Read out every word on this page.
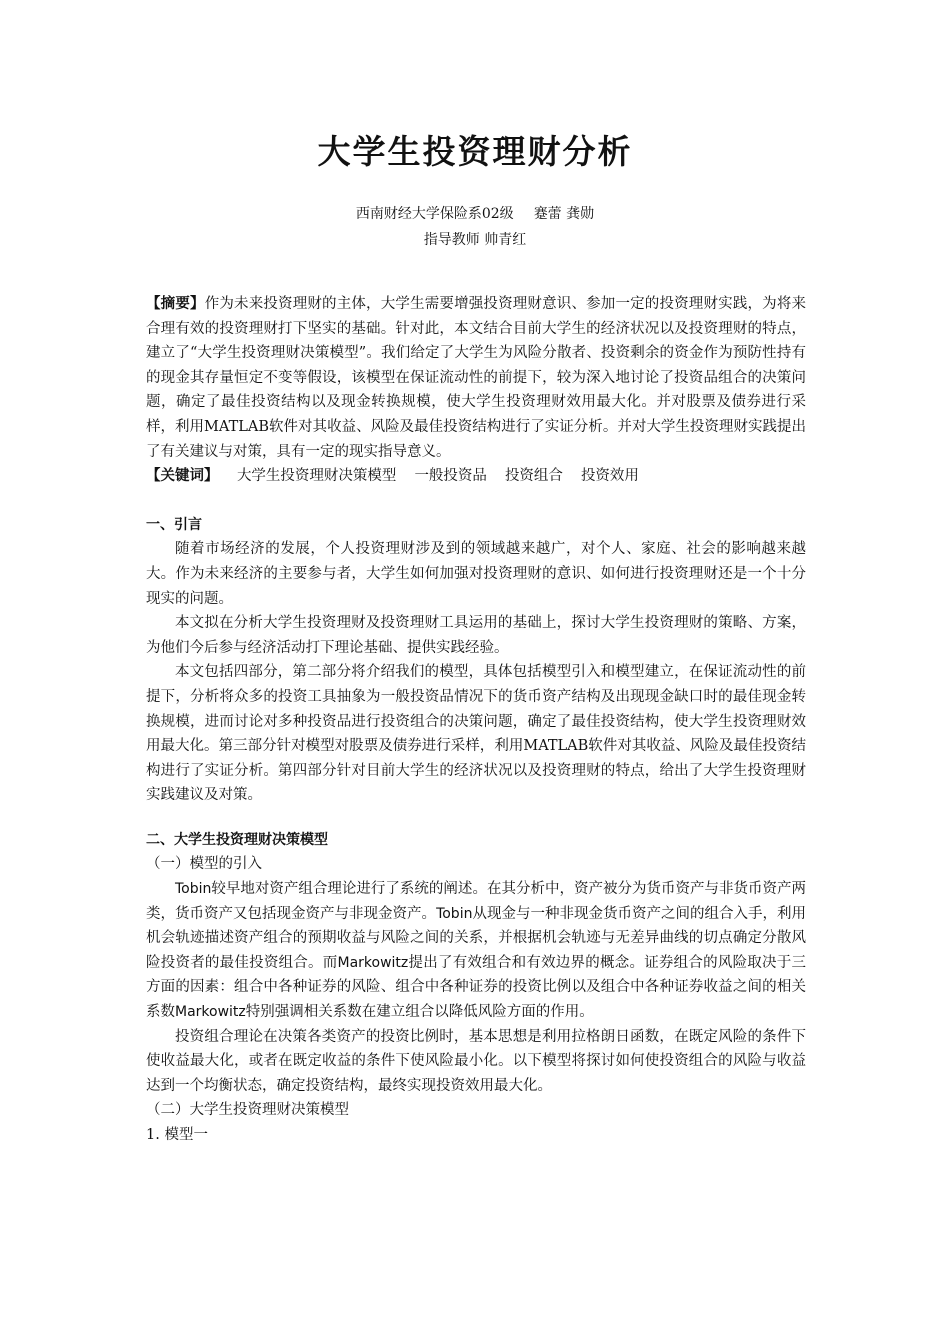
大学生投资理财分析
西南财经大学保险系02级 蹇蕾 龚勋
指导教师 帅青红

【摘要】作为未来投资理财的主体，大学生需要增强投资理财意识、参加一定的投资理财实践，为将来合理有效的投资理财打下坚实的基础。针对此，本文结合目前大学生的经济状况以及投资理财的特点，建立了“大学生投资理财决策模型”。我们给定了大学生为风险分散者、投资剩余的资金作为预防性持有的现金其存量恒定不变等假设，该模型在保证流动性的前提下，较为深入地讨论了投资品组合的决策问题，确定了最佳投资结构以及现金转换规模，使大学生投资理财效用最大化。并对股票及债券进行采样，利用MATLAB软件对其收益、风险及最佳投资结构进行了实证分析。并对大学生投资理财实践提出了有关建议与对策，具有一定的现实指导意义。

【关键词】 大学生投资理财决策模型 一般投资品 投资组合 投资效用

一、引言

随着市场经济的发展，个人投资理财涉及到的领域越来越广，对个人、家庭、社会的影响越来越大。作为未来经济的主要参与者，大学生如何加强对投资理财的意识、如何进行投资理财还是一个十分现实的问题。

本文拟在分析大学生投资理财及投资理财工具运用的基础上，探讨大学生投资理财的策略、方案，为他们今后参与经济活动打下理论基础、提供实践经验。

本文包括四部分，第二部分将介绍我们的模型，具体包括模型引入和模型建立，在保证流动性的前提下，分析将众多的投资工具抽象为一般投资品情况下的货币资产结构及出现现金缺口时的最佳现金转换规模，进而讨论对多种投资品进行投资组合的决策问题，确定了最佳投资结构，使大学生投资理财效用最大化。第三部分针对模型对股票及债券进行采样，利用MATLAB软件对其收益、风险及最佳投资结构进行了实证分析。第四部分针对目前大学生的经济状况以及投资理财的特点，给出了大学生投资理财实践建议及对策。

二、大学生投资理财决策模型

（一）模型的引入

Tobin较早地对资产组合理论进行了系统的阐述。在其分析中，资产被分为货币资产与非货币资产两类，货币资产又包括现金资产与非现金资产。Tobin从现金与一种非现金货币资产之间的组合入手，利用机会轨迹描述资产组合的预期收益与风险之间的关系，并根据机会轨迹与无差异曲线的切点确定分散风险投资者的最佳投资组合。而Markowitz提出了有效组合和有效边界的概念。证券组合的风险取决于三方面的因素：组合中各种证券的风险、组合中各种证券的投资比例以及组合中各种证券收益之间的相关系数Markowitz特别强调相关系数在建立组合以降低风险方面的作用。

投资组合理论在决策各类资产的投资比例时，基本思想是利用拉格朗日函数，在既定风险的条件下使收益最大化，或者在既定收益的条件下使风险最小化。以下模型将探讨如何使投资组合的风险与收益达到一个均衡状态，确定投资结构，最终实现投资效用最大化。

（二）大学生投资理财决策模型

1. 模型一
